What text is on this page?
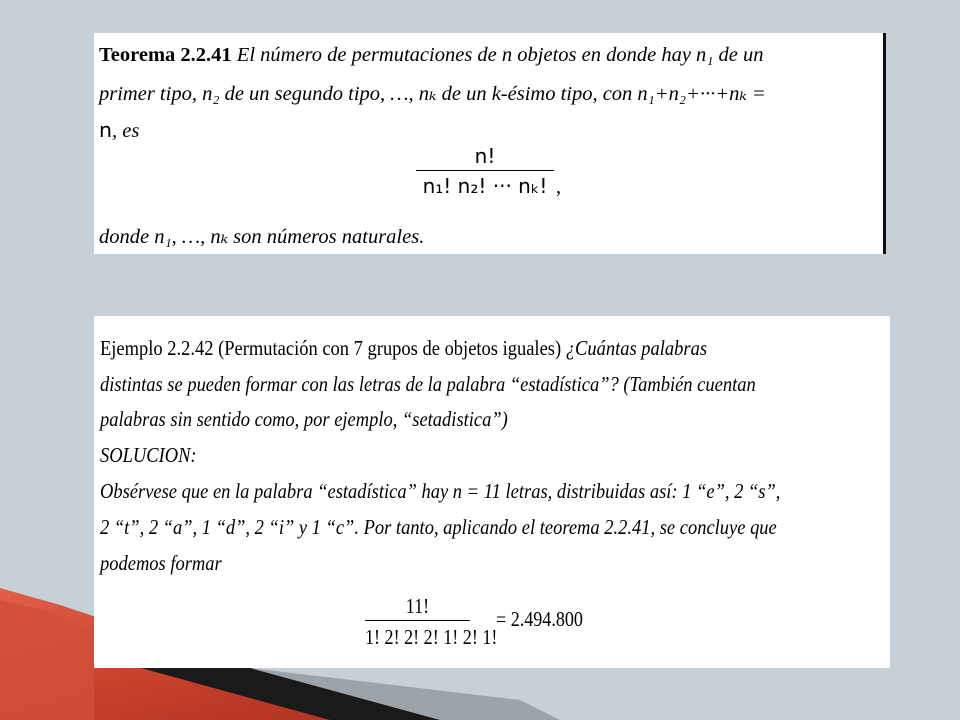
Teorema 2.2.41 El número de permutaciones de n objetos en donde hay n₁ de un
primer tipo, n₂ de un segundo tipo, …, nₖ de un k-ésimo tipo, con n₁+n₂+···+nₖ =
n, es
n!
n₁! n₂! ··· nₖ! ,
donde n₁, …, nₖ son números naturales.
Ejemplo 2.2.42 (Permutación con 7 grupos de objetos iguales) ¿Cuántas palabras
distintas se pueden formar con las letras de la palabra “estadística”? (También cuentan
palabras sin sentido como, por ejemplo, “setadistica”)
SOLUCION:
Obsérvese que en la palabra “estadística” hay n = 11 letras, distribuidas así: 1 “e”, 2 “s”,
2 “t”, 2 “a”, 1 “d”, 2 “i” y 1 “c”. Por tanto, aplicando el teorema 2.2.41, se concluye que
podemos formar
11!
1! 2! 2! 2! 1! 2! 1!
= 2.494.800
